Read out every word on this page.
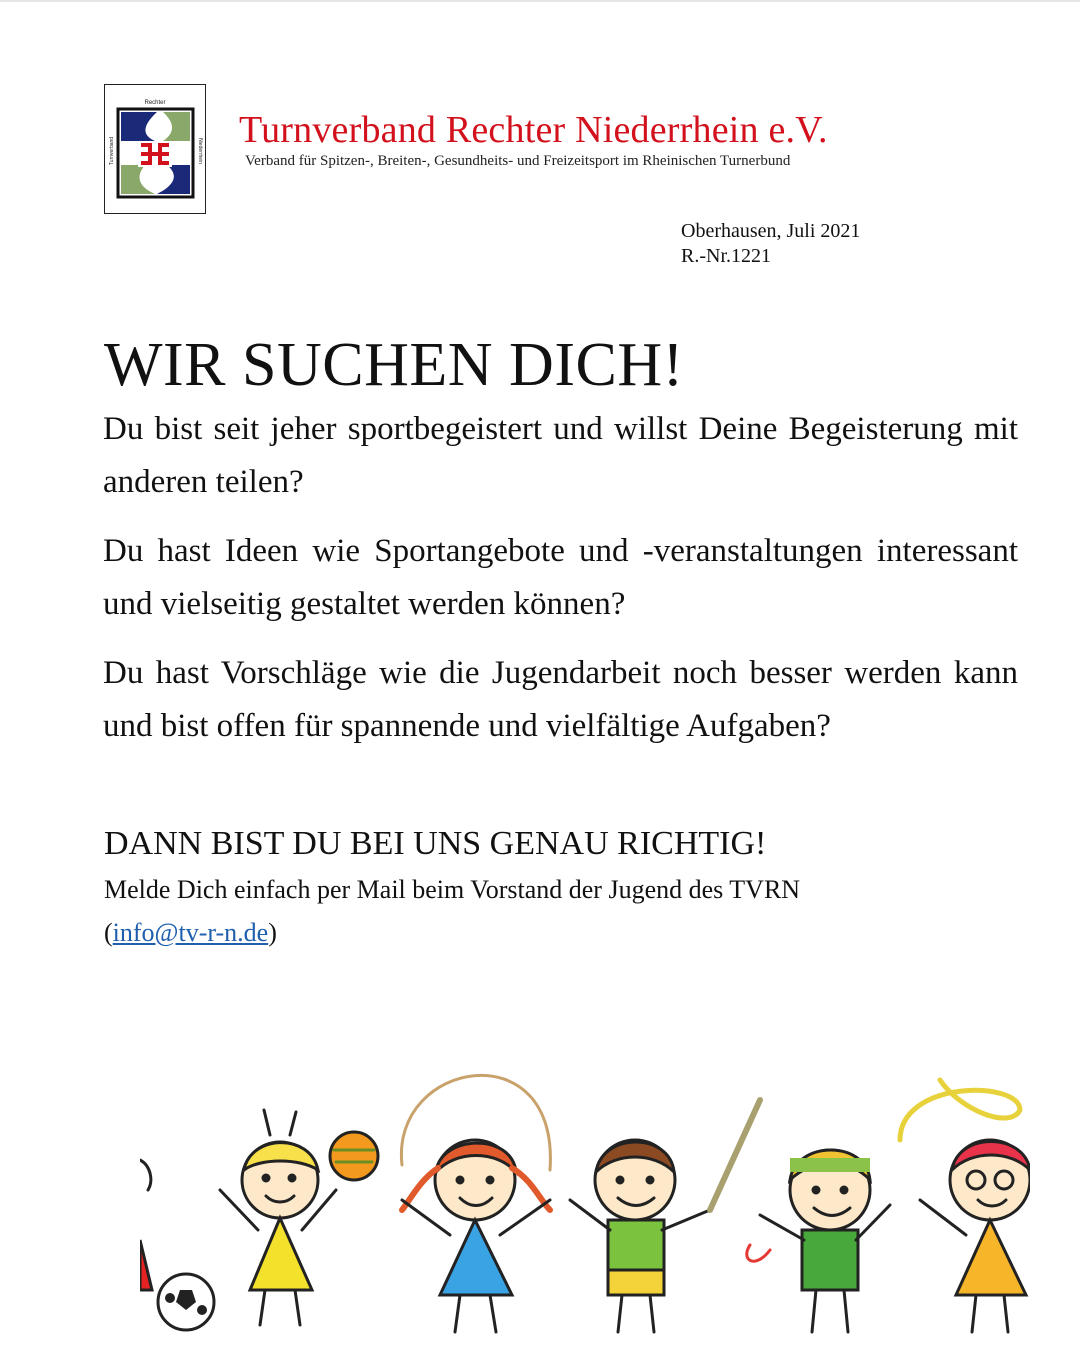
Rechter
Turnverband	Niederrhein Turnverband Rechter Niederrhein e.V.
Verband für Spitzen-, Breiten-, Gesundheits- und Freizeitsport im Rheinischen Turnerbund
Oberhausen, Juli 2021
R.-Nr.1221
WIR SUCHEN DICH!
Du bist seit jeher sportbegeistert und willst Deine Begeisterung mit anderen teilen?
Du hast Ideen wie Sportangebote und -veranstaltungen interessant und vielseitig gestaltet werden können?
Du hast Vorschläge wie die Jugendarbeit noch besser werden kann und bist offen für spannende und vielfältige Aufgaben?
DANN BIST DU BEI UNS GENAU RICHTIG!
Melde Dich einfach per Mail beim Vorstand der Jugend des TVRN (info@tv-r-n.de)
